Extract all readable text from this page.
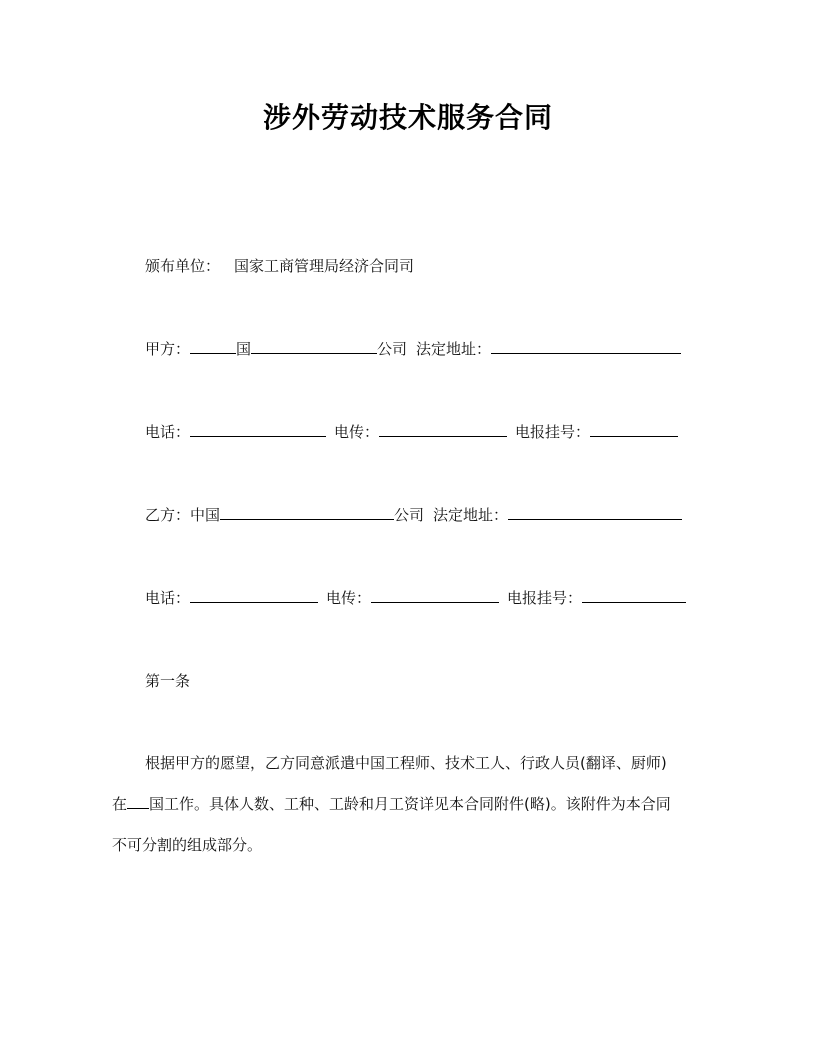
涉外劳动技术服务合同
颁布单位： 国家工商管理局经济合同司
甲方：	国	公司 法定地址：
电话：	电传：	电报挂号：
乙方：中国	公司 法定地址：
电话：	电传：	电报挂号：
第一条
根据甲方的愿望，乙方同意派遣中国工程师、技术工人、行政人员(翻译、厨师)
在 国工作。具体人数、工种、工龄和月工资详见本合同附件(略)。该附件为本合同
不可分割的组成部分。
